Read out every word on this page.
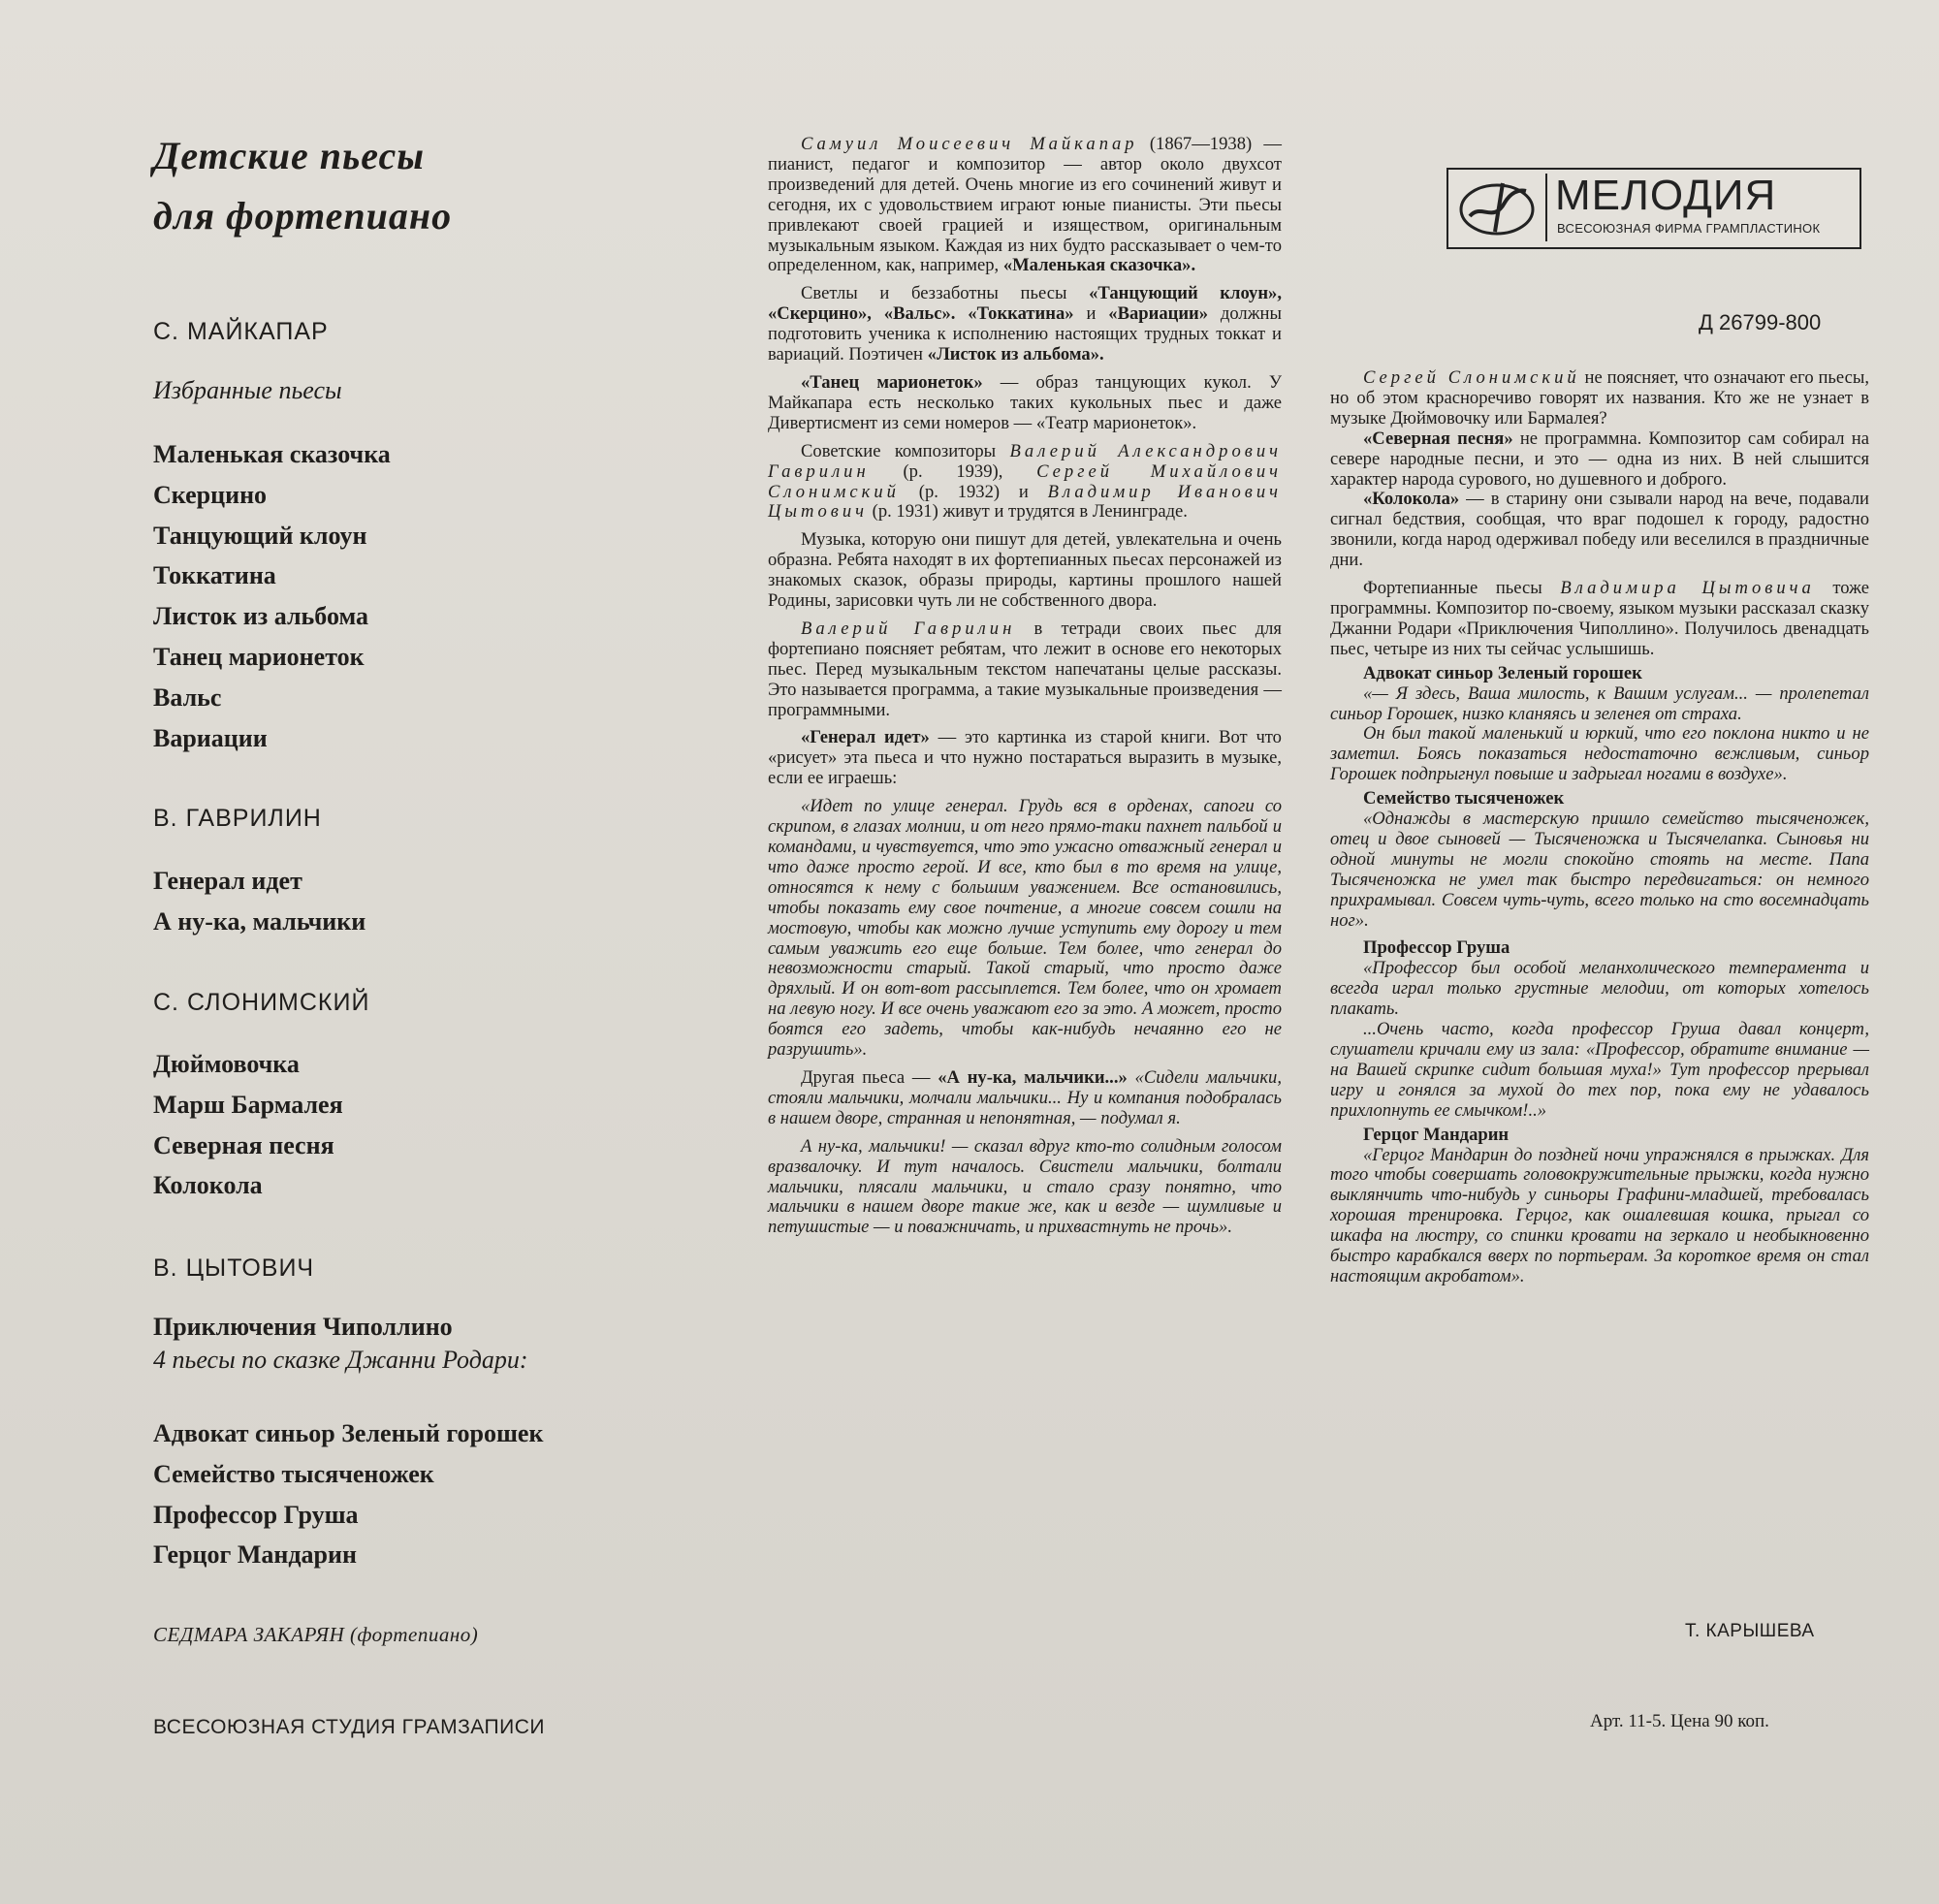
Детские пьесы
для фортепиано
С. МАЙКАПАР
Избранные пьесы
Маленькая сказочка
Скерцино
Танцующий клоун
Токкатина
Листок из альбома
Танец марионеток
Вальс
Вариации
В. ГАВРИЛИН
Генерал идет
А ну-ка, мальчики
С. СЛОНИМСКИЙ
Дюймовочка
Марш Бармалея
Северная песня
Колокола
В. ЦЫТОВИЧ
Приключения Чиполлино
4 пьесы по сказке Джанни Родари:
Адвокат синьор Зеленый горошек
Семейство тысяченожек
Профессор Груша
Герцог Мандарин
СЕДМАРА ЗАКАРЯН (фортепиано)
ВСЕСОЮЗНАЯ СТУДИЯ ГРАМЗАПИСИ

Самуил Моисеевич Майкапар (1867—1938) — пианист, педагог и композитор — автор около двухсот произведений для детей. Очень многие из его сочинений живут и сегодня, их с удовольствием играют юные пианисты. Эти пьесы привлекают своей грацией и изяществом, оригинальным музыкальным языком. Каждая из них будто рассказывает о чем-то определенном, как, например, «Маленькая сказочка».

Светлы и беззаботны пьесы «Танцующий клоун», «Скерцино», «Вальс». «Токкатина» и «Вариации» должны подготовить ученика к исполнению настоящих трудных токкат и вариаций. Поэтичен «Листок из альбома».

«Танец марионеток» — образ танцующих кукол. У Майкапара есть несколько таких кукольных пьес и даже Дивертисмент из семи номеров — «Театр марионеток».

Советские композиторы Валерий Александрович Гаврилин (р. 1939), Сергей Михайлович Слонимский (р. 1932) и Владимир Иванович Цытович (р. 1931) живут и трудятся в Ленинграде.

Музыка, которую они пишут для детей, увлекательна и очень образна. Ребята находят в их фортепианных пьесах персонажей из знакомых сказок, образы природы, картины прошлого нашей Родины, зарисовки чуть ли не собственного двора.

Валерий Гаврилин в тетради своих пьес для фортепиано поясняет ребятам, что лежит в основе его некоторых пьес. Перед музыкальным текстом напечатаны целые рассказы. Это называется программа, а такие музыкальные произведения — программными.

«Генерал идет» — это картинка из старой книги. Вот что «рисует» эта пьеса и что нужно постараться выразить в музыке, если ее играешь:

«Идет по улице генерал. Грудь вся в орденах, сапоги со скрипом, в глазах молнии, и от него прямо-таки пахнет пальбой и командами, и чувствуется, что это ужасно отважный генерал и что даже просто герой. И все, кто был в то время на улице, относятся к нему с большим уважением. Все остановились, чтобы показать ему свое почтение, а многие совсем сошли на мостовую, чтобы как можно лучше уступить ему дорогу и тем самым уважить его еще больше. Тем более, что генерал до невозможности старый. Такой старый, что просто даже дряхлый. И он вот-вот рассыплется. Тем более, что он хромает на левую ногу. И все очень уважают его за это. А может, просто боятся его задеть, чтобы как-нибудь нечаянно его не разрушить».

Другая пьеса — «А ну-ка, мальчики...» «Сидели мальчики, стояли мальчики, молчали мальчики... Ну и компания подобралась в нашем дворе, странная и непонятная, — подумал я.

А ну-ка, мальчики! — сказал вдруг кто-то солидным голосом вразвалочку. И тут началось. Свистели мальчики, болтали мальчики, плясали мальчики, и стало сразу понятно, что мальчики в нашем дворе такие же, как и везде — шумливые и петушистые — и поважничать, и прихвастнуть не прочь».

МЕЛОДИЯ
ВСЕСОЮЗНАЯ ФИРМА ГРАМПЛАСТИНОК
Д 26799-800

Сергей Слонимский не поясняет, что означают его пьесы, но об этом красноречиво говорят их названия. Кто же не узнает в музыке Дюймовочку или Бармалея?

«Северная песня» не программна. Композитор сам собирал на севере народные песни, и это — одна из них. В ней слышится характер народа сурового, но душевного и доброго.

«Колокола» — в старину они сзывали народ на вече, подавали сигнал бедствия, сообщая, что враг подошел к городу, радостно звонили, когда народ одерживал победу или веселился в праздничные дни.

Фортепианные пьесы Владимира Цытовича тоже программны. Композитор по-своему, языком музыки рассказал сказку Джанни Родари «Приключения Чиполлино». Получилось двенадцать пьес, четыре из них ты сейчас услышишь.

Адвокат синьор Зеленый горошек

«— Я здесь, Ваша милость, к Вашим услугам... — пролепетал синьор Горошек, низко кланяясь и зеленея от страха.

Он был такой маленький и юркий, что его поклона никто и не заметил. Боясь показаться недостаточно вежливым, синьор Горошек подпрыгнул повыше и задрыгал ногами в воздухе».

Семейство тысяченожек

«Однажды в мастерскую пришло семейство тысяченожек, отец и двое сыновей — Тысяченожка и Тысячелапка. Сыновья ни одной минуты не могли спокойно стоять на месте. Папа Тысяченожка не умел так быстро передвигаться: он немного прихрамывал. Совсем чуть-чуть, всего только на сто восемнадцать ног».

Профессор Груша

«Профессор был особой меланхолического темперамента и всегда играл только грустные мелодии, от которых хотелось плакать.

...Очень часто, когда профессор Груша давал концерт, слушатели кричали ему из зала: «Профессор, обратите внимание — на Вашей скрипке сидит большая муха!» Тут профессор прерывал игру и гонялся за мухой до тех пор, пока ему не удавалось прихлопнуть ее смычком!..»

Герцог Мандарин

«Герцог Мандарин до поздней ночи упражнялся в прыжках. Для того чтобы совершать головокружительные прыжки, когда нужно выклянчить что-нибудь у синьоры Графини-младшей, требовалась хорошая тренировка. Герцог, как ошалевшая кошка, прыгал со шкафа на люстру, со спинки кровати на зеркало и необыкновенно быстро карабкался вверх по портьерам. За короткое время он стал настоящим акробатом».

Т. КАРЫШЕВА
Арт. 11-5. Цена 90 коп.
